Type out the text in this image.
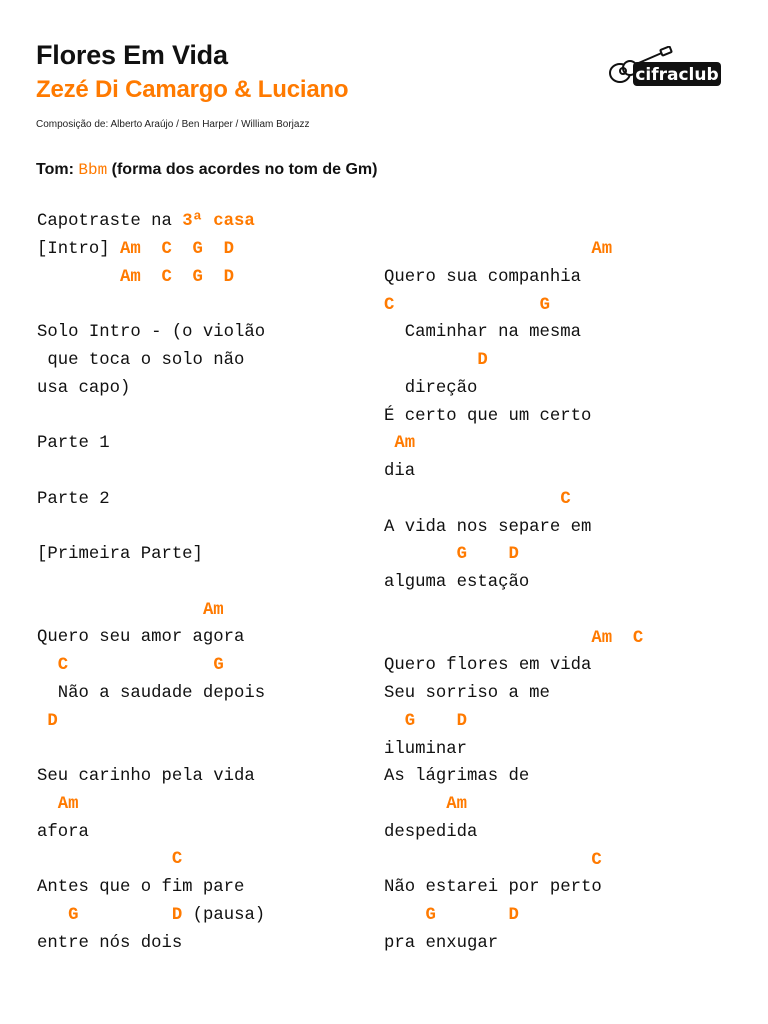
Flores Em Vida
Zezé Di Camargo & Luciano
Composição de: Alberto Araújo / Ben Harper / William Borjazz
cifraclub
Tom: Bbm (forma dos acordes no tom de Gm)
Capotraste na 3ª casa
[Intro] Am  C  G  D
Am  C  G  D

Solo Intro - (o violão
que toca o solo não
usa capo)

Parte 1

Parte 2

[Primeira Parte]

Am
Quero seu amor agora
C	G
Não a saudade depois
D

Seu carinho pela vida
Am
afora
C
Antes que o fim pare
G	D (pausa)
entre nós dois
Am
Quero sua companhia
C	G
Caminhar na mesma
D
direção
É certo que um certo
Am
dia
C
A vida nos separe em
G D
alguma estação

Am C
Quero flores em vida
Seu sorriso a me
G D
iluminar
As lágrimas de
Am
despedida
C
Não estarei por perto
G	D
pra enxugar
